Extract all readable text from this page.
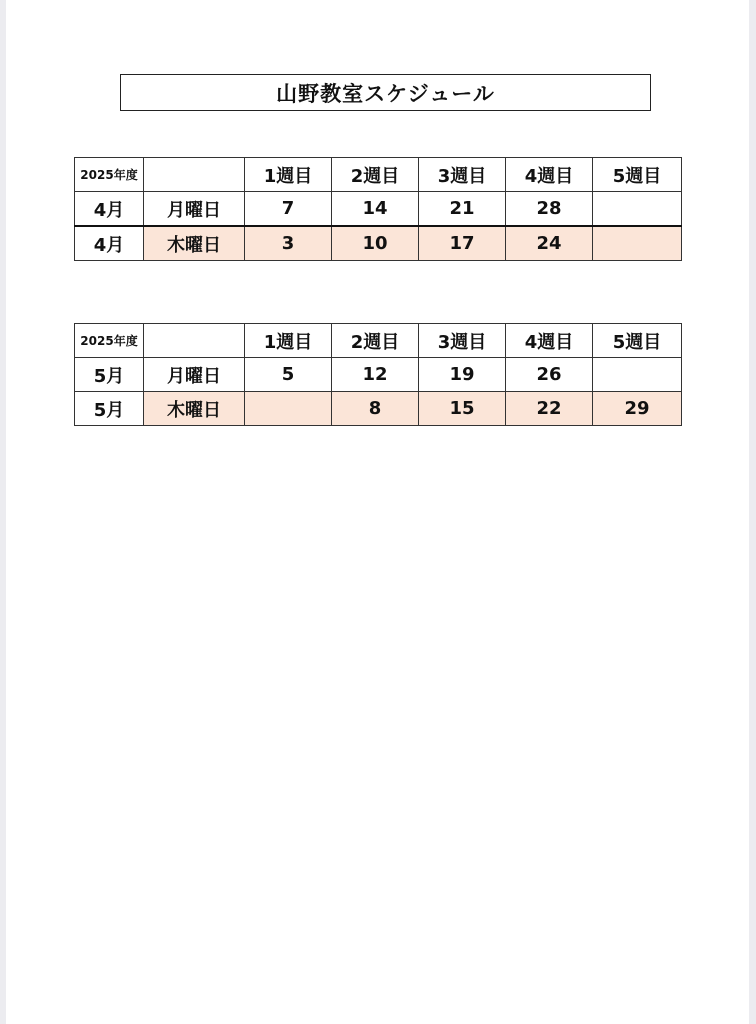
山野教室スケジュール
2025年度		1週目	2週目	3週目	4週目	5週目
4月	月曜日	7	14	21	28	
4月	木曜日	3	10	17	24	
2025年度		1週目	2週目	3週目	4週目	5週目
5月	月曜日	5	12	19	26	
5月	木曜日		8	15	22	29
